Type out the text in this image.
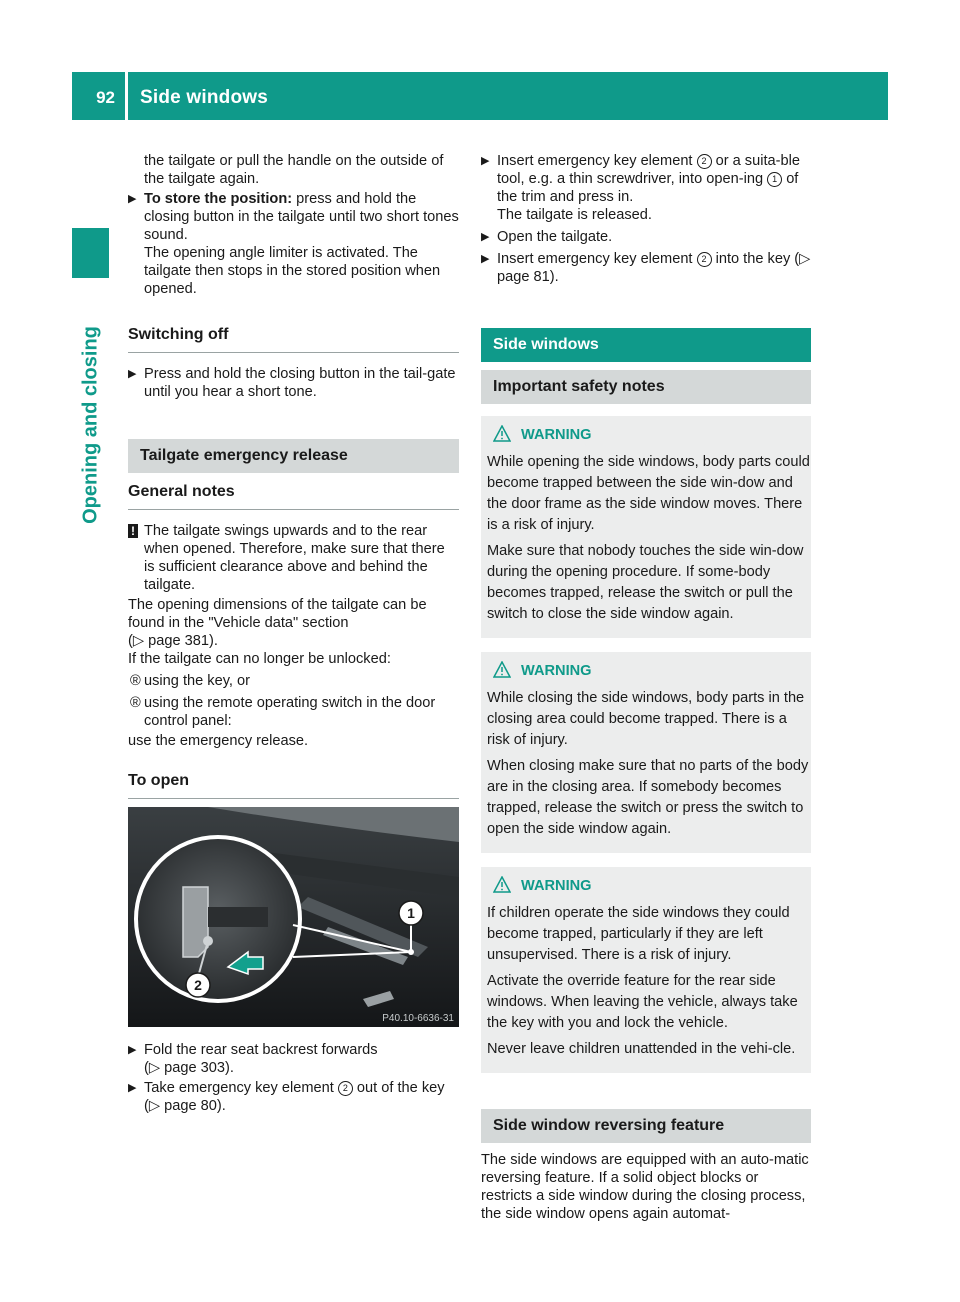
92 Side windows
Opening and closing

the tailgate or pull the handle on the outside of the tailgate again.

▶ To store the position: press and hold the closing button in the tailgate until two short tones sound.

The opening angle limiter is activated. The tailgate then stops in the stored position when opened.

Switching off

▶ Press and hold the closing button in the tail-gate until you hear a short tone.

Tailgate emergency release
General notes

! The tailgate swings upwards and to the rear when opened. Therefore, make sure that there is sufficient clearance above and behind the tailgate.

The opening dimensions of the tailgate can be found in the "Vehicle data" section

(▷ page 381).

If the tailgate can no longer be unlocked:

® using the key, or

® using the remote operating switch in the door control panel:

use the emergency release.

To open
1
2
P40.10-6636-31

▶ Fold the rear seat backrest forwards

(▷ page 303).

▶ Take emergency key element 2 out of the key (▷ page 80).

▶ Insert emergency key element 2 or a suita-ble tool, e.g. a thin screwdriver, into open-ing 1 of the trim and press in.

The tailgate is released.

▶ Open the tailgate.

▶ Insert emergency key element 2 into the key (▷ page 81).

Side windows
Important safety notes
WARNING

While opening the side windows, body parts could become trapped between the side win-dow and the door frame as the side window moves. There is a risk of injury.

Make sure that nobody touches the side win-dow during the opening procedure. If some-body becomes trapped, release the switch or pull the switch to close the side window again.

WARNING

While closing the side windows, body parts in the closing area could become trapped. There is a risk of injury.

When closing make sure that no parts of the body are in the closing area. If somebody becomes trapped, release the switch or press the switch to open the side window again.

WARNING

If children operate the side windows they could become trapped, particularly if they are left unsupervised. There is a risk of injury.

Activate the override feature for the rear side windows. When leaving the vehicle, always take the key with you and lock the vehicle.

Never leave children unattended in the vehi-cle.

Side window reversing feature

The side windows are equipped with an auto-matic reversing feature. If a solid object blocks or restricts a side window during the closing process, the side window opens again automat-
